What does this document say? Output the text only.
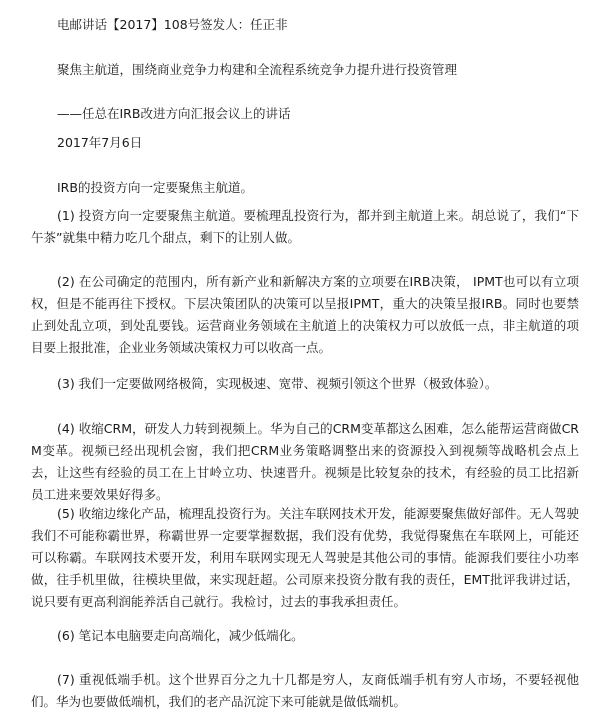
电邮讲话【2017】108号签发人：任正非
聚焦主航道，围绕商业竞争力构建和全流程系统竞争力提升进行投资管理
——任总在IRB改进方向汇报会议上的讲话
2017年7月6日
IRB的投资方向一定要聚焦主航道。
(1) 投资方向一定要聚焦主航道。要梳理乱投资行为，都并到主航道上来。胡总说了，我们“下午茶”就集中精力吃几个甜点，剩下的让别人做。
(2) 在公司确定的范围内，所有新产业和新解决方案的立项要在IRB决策， IPMT也可以有立项权，但是不能再往下授权。下层决策团队的决策可以呈报IPMT，重大的决策呈报IRB。同时也要禁止到处乱立项，到处乱要钱。运营商业务领域在主航道上的决策权力可以放低一点，非主航道的项目要上报批准，企业业务领域决策权力可以收高一点。
(3) 我们一定要做网络极简，实现极速、宽带、视频引领这个世界（极致体验）。
(4) 收缩CRM，研发人力转到视频上。华为自己的CRM变革都这么困难，怎么能帮运营商做CRM变革。视频已经出现机会窗，我们把CRM业务策略调整出来的资源投入到视频等战略机会点上去，让这些有经验的员工在上甘岭立功、快速晋升。视频是比较复杂的技术，有经验的员工比招新员工进来要效果好得多。
(5) 收缩边缘化产品，梳理乱投资行为。关注车联网技术开发，能源要聚焦做好部件。无人驾驶我们不可能称霸世界，称霸世界一定要掌握数据，我们没有优势，我觉得聚焦在车联网上，可能还可以称霸。车联网技术要开发，利用车联网实现无人驾驶是其他公司的事情。能源我们要往小功率做，往手机里做，往模块里做，来实现赶超。公司原来投资分散有我的责任，EMT批评我讲过话，说只要有更高利润能养活自己就行。我检讨，过去的事我承担责任。
(6) 笔记本电脑要走向高端化，减少低端化。
(7) 重视低端手机。这个世界百分之九十几都是穷人，友商低端手机有穷人市场，不要轻视他们。华为也要做低端机，我们的老产品沉淀下来可能就是做低端机。
